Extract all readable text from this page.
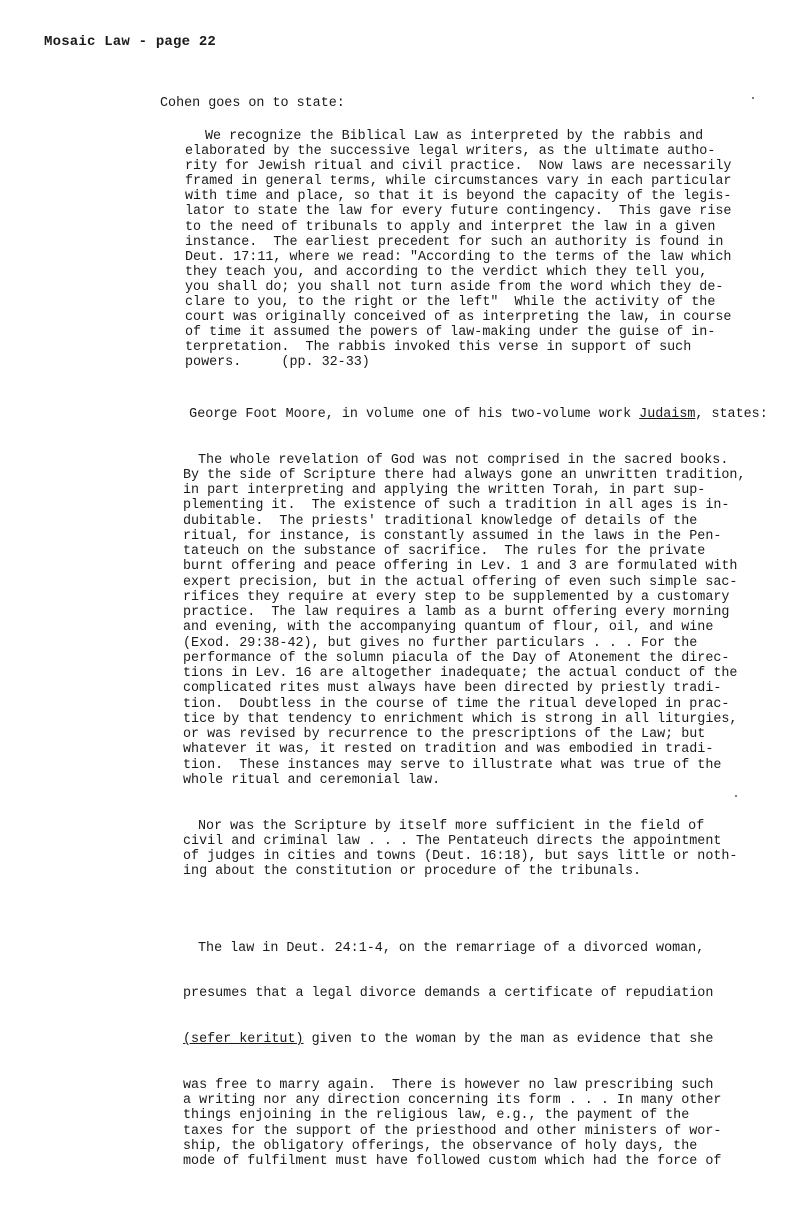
Mosaic Law - page 22
Cohen goes on to state:
We recognize the Biblical Law as interpreted by the rabbis and
elaborated by the successive legal writers, as the ultimate autho-
rity for Jewish ritual and civil practice.  Now laws are necessarily
framed in general terms, while circumstances vary in each particular
with time and place, so that it is beyond the capacity of the legis-
lator to state the law for every future contingency.  This gave rise
to the need of tribunals to apply and interpret the law in a given
instance.  The earliest precedent for such an authority is found in
Deut. 17:11, where we read: "According to the terms of the law which
they teach you, and according to the verdict which they tell you,
you shall do; you shall not turn aside from the word which they de-
clare to you, to the right or the left"  While the activity of the
court was originally conceived of as interpreting the law, in course
of time it assumed the powers of law-making under the guise of in-
terpretation.  The rabbis invoked this verse in support of such
powers.     (pp. 32-33)

George Foot Moore, in volume one of his two-volume work Judaism, states:

The whole revelation of God was not comprised in the sacred books.
By the side of Scripture there had always gone an unwritten tradition,
in part interpreting and applying the written Torah, in part sup-
plementing it.  The existence of such a tradition in all ages is in-
dubitable.  The priests' traditional knowledge of details of the
ritual, for instance, is constantly assumed in the laws in the Pen-
tateuch on the substance of sacrifice.  The rules for the private
burnt offering and peace offering in Lev. 1 and 3 are formulated with
expert precision, but in the actual offering of even such simple sac-
rifices they require at every step to be supplemented by a customary
practice.  The law requires a lamb as a burnt offering every morning
and evening, with the accompanying quantum of flour, oil, and wine
(Exod. 29:38-42), but gives no further particulars . . . For the
performance of the solumn piacula of the Day of Atonement the direc-
tions in Lev. 16 are altogether inadequate; the actual conduct of the
complicated rites must always have been directed by priestly tradi-
tion.  Doubtless in the course of time the ritual developed in prac-
tice by that tendency to enrichment which is strong in all liturgies,
or was revised by recurrence to the prescriptions of the Law; but
whatever it was, it rested on tradition and was embodied in tradi-
tion.  These instances may serve to illustrate what was true of the
whole ritual and ceremonial law.

Nor was the Scripture by itself more sufficient in the field of
civil and criminal law . . . The Pentateuch directs the appointment
of judges in cities and towns (Deut. 16:18), but says little or noth-
ing about the constitution or procedure of the tribunals.

The law in Deut. 24:1-4, on the remarriage of a divorced woman,

presumes that a legal divorce demands a certificate of repudiation

(sefer keritut) given to the woman by the man as evidence that she

was free to marry again.  There is however no law prescribing such
a writing nor any direction concerning its form . . . In many other
things enjoining in the religious law, e.g., the payment of the
taxes for the support of the priesthood and other ministers of wor-
ship, the obligatory offerings, the observance of holy days, the
mode of fulfilment must have followed custom which had the force of
